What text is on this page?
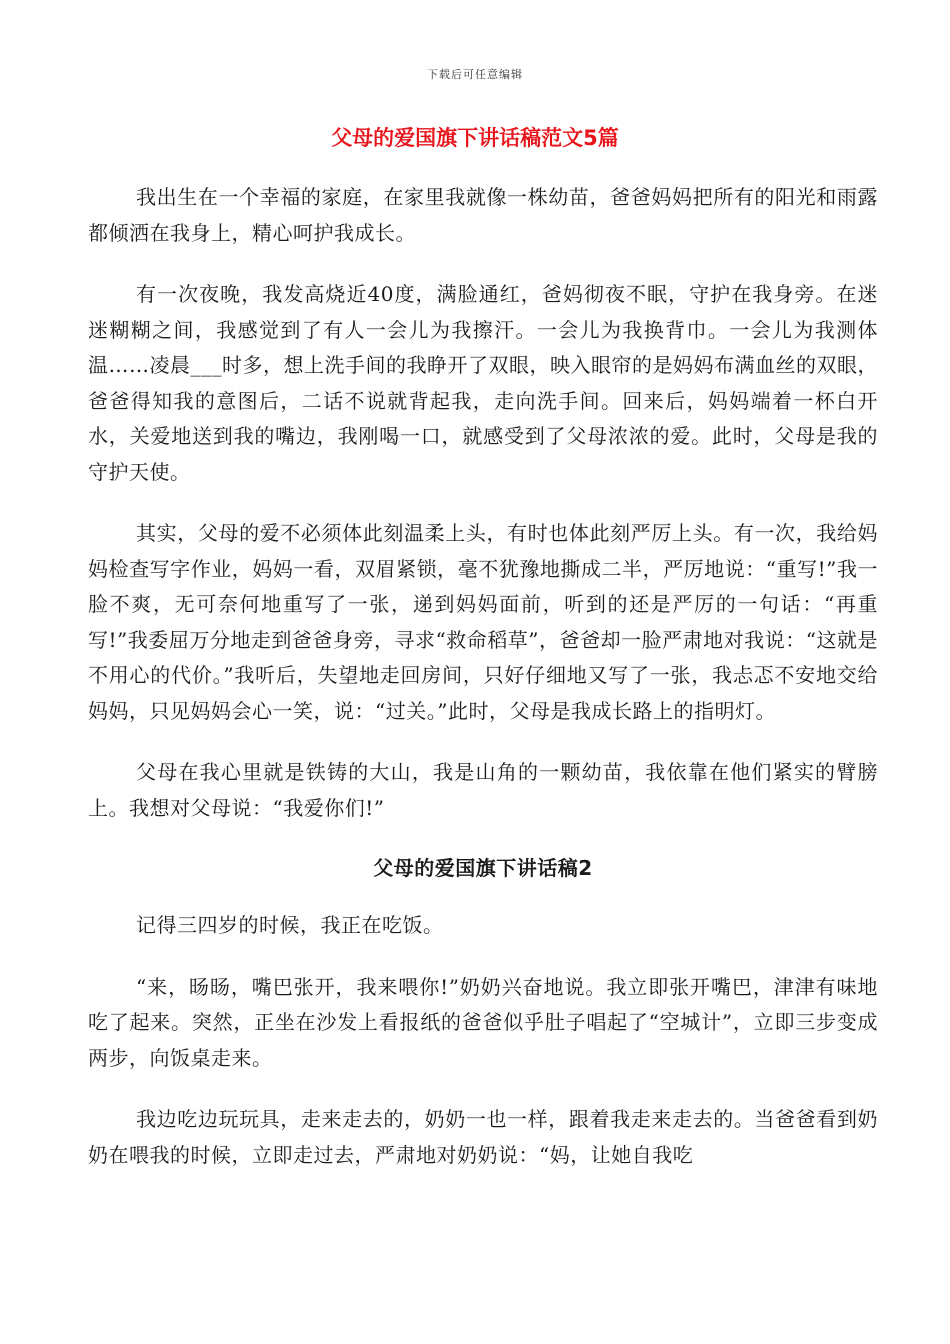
下载后可任意编辑
父母的爱国旗下讲话稿范文5篇

我出生在一个幸福的家庭，在家里我就像一株幼苗，爸爸妈妈把所有的阳光和雨露都倾洒在我身上，精心呵护我成长。

有一次夜晚，我发高烧近40度，满脸通红，爸妈彻夜不眠，守护在我身旁。在迷迷糊糊之间，我感觉到了有人一会儿为我擦汗。一会儿为我换背巾。一会儿为我测体温……凌晨___时多，想上洗手间的我睁开了双眼，映入眼帘的是妈妈布满血丝的双眼，爸爸得知我的意图后，二话不说就背起我，走向洗手间。回来后，妈妈端着一杯白开水，关爱地送到我的嘴边，我刚喝一口，就感受到了父母浓浓的爱。此时，父母是我的守护天使。

其实，父母的爱不必须体此刻温柔上头，有时也体此刻严厉上头。有一次，我给妈妈检查写字作业，妈妈一看，双眉紧锁，毫不犹豫地撕成二半，严厉地说：“重写!”我一脸不爽，无可奈何地重写了一张，递到妈妈面前，听到的还是严厉的一句话：“再重写!”我委屈万分地走到爸爸身旁，寻求“救命稻草”，爸爸却一脸严肃地对我说：“这就是不用心的代价。”我听后，失望地走回房间，只好仔细地又写了一张，我忐忑不安地交给妈妈，只见妈妈会心一笑，说：“过关。”此时，父母是我成长路上的指明灯。

父母在我心里就是铁铸的大山，我是山角的一颗幼苗，我依靠在他们紧实的臂膀上。我想对父母说：“我爱你们!”

父母的爱国旗下讲话稿2

记得三四岁的时候，我正在吃饭。

“来，旸旸，嘴巴张开，我来喂你!”奶奶兴奋地说。我立即张开嘴巴，津津有味地吃了起来。突然，正坐在沙发上看报纸的爸爸似乎肚子唱起了“空城计”，立即三步变成两步，向饭桌走来。

我边吃边玩玩具，走来走去的，奶奶一也一样，跟着我走来走去的。当爸爸看到奶奶在喂我的时候，立即走过去，严肃地对奶奶说：“妈，让她自我吃
